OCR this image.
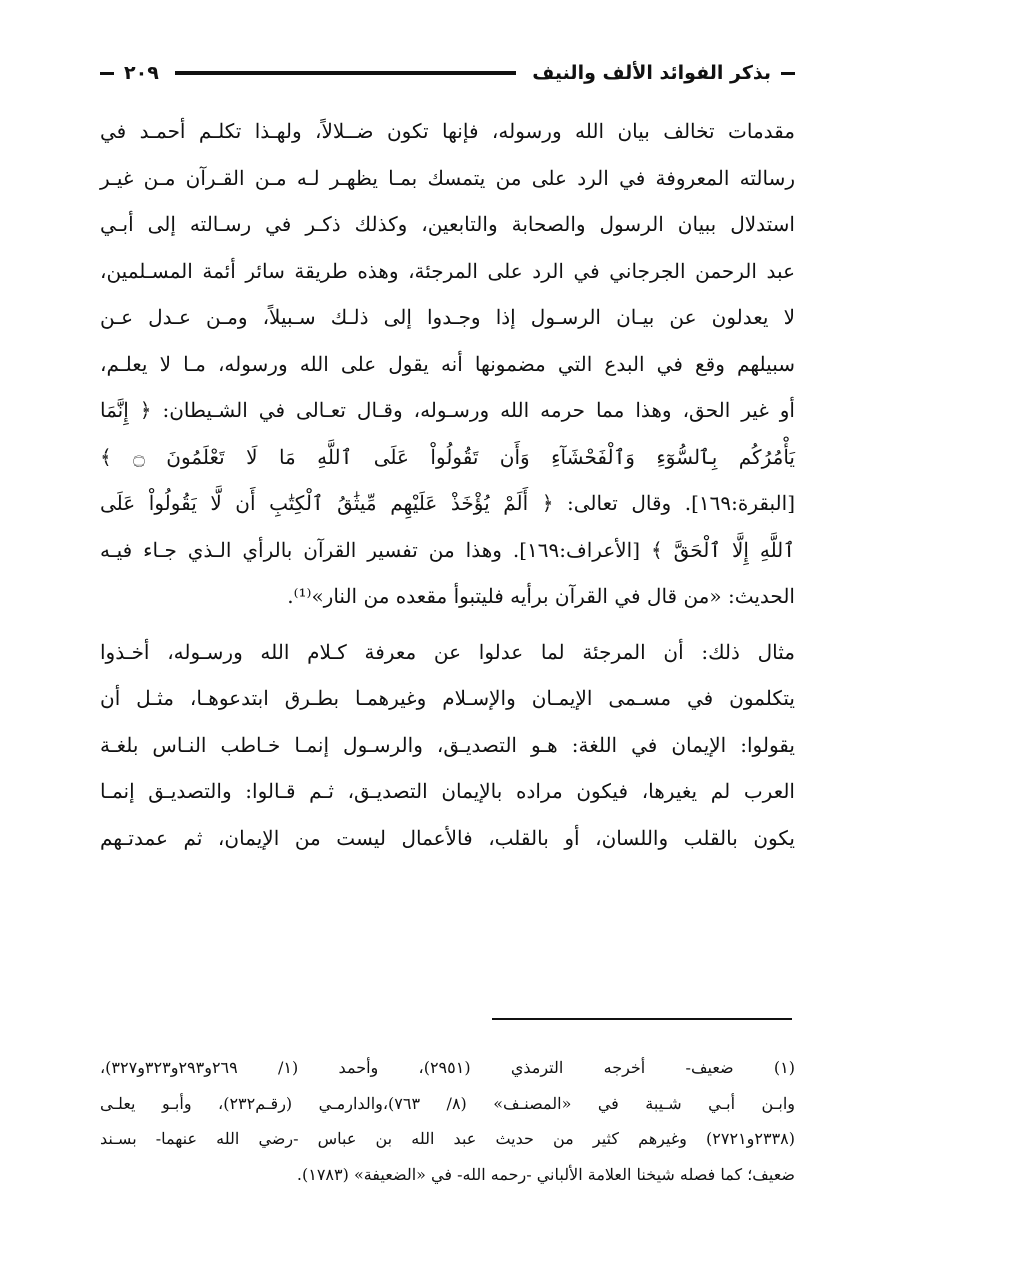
بذكر الفوائد الألف والنيف
٢٠٩
مقدمات تخالف بيان الله ورسوله، فإنها تكون ضــلالاً، ولهـذا تكلـم أحمـد في
رسالته المعروفة في الرد على من يتمسك بمـا يظهـر لـه مـن القـرآن مـن غيـر
استدلال ببيان الرسول والصحابة والتابعين، وكذلك ذكـر في رسـالته إلى أبـي
عبد الرحمن الجرجاني في الرد على المرجئة، وهذه طريقة سائر أئمة المسـلمين،
لا يعدلون عن بيـان الرسـول إذا وجـدوا إلى ذلـك سـبيلاً، ومـن عـدل عـن
سبيلهم وقع في البدع التي مضمونها أنه يقول على الله ورسوله، مـا لا يعلـم،
أو غير الحق، وهذا مما حرمه الله ورسـوله، وقـال تعـالى في الشـيطان: ﴿ إِنَّمَا
يَأْمُرُكُم بِٱلسُّوٓءِ وَٱلْفَحْشَآءِ وَأَن تَقُولُواْ عَلَى ٱللَّهِ مَا لَا تَعْلَمُونَ ۝ ﴾
[البقرة:١٦٩]. وقال تعالى: ﴿ أَلَمْ يُؤْخَذْ عَلَيْهِم مِّيثَٰقُ ٱلْكِتَٰبِ أَن لَّا يَقُولُواْ عَلَى
ٱللَّهِ إِلَّا ٱلْحَقَّ ﴾ [الأعراف:١٦٩]. وهذا من تفسير القرآن بالرأي الـذي جـاء فيـه
الحديث: «من قال في القرآن برأيه فليتبوأ مقعده من النار»⁽¹⁾.
مثال ذلك: أن المرجئة لما عدلوا عن معرفة كـلام الله ورسـوله، أخـذوا
يتكلمون في مسـمى الإيمـان والإسـلام وغيرهمـا بطـرق ابتدعوهـا، مثـل أن
يقولوا: الإيمان في اللغة: هـو التصديـق، والرسـول إنمـا خـاطب النـاس بلغـة
العرب لم يغيرها، فيكون مراده بالإيمان التصديـق، ثـم قـالوا: والتصديـق إنمـا
يكون بالقلب واللسان، أو بالقلب، فالأعمال ليست من الإيمان، ثم عمدتـهم
(١) ضعيف- أخرجه الترمذي (٢٩٥١)، وأحمد (١/ ٢٦٩و٢٩٣و٣٢٣و٣٢٧)،
وابـن أبـي شـيبة في «المصنـف» (٨/ ٧٦٣)،والدارمـي (رقـم٢٣٢)، وأبـو يعلـى
(٢٣٣٨و٢٧٢١) وغيرهم كثير من حديث عبد الله بن عباس -رضي الله عنهما- بسـند
ضعيف؛ كما فصله شيخنا العلامة الألباني -رحمه الله- في «الضعيفة» (١٧٨٣).
